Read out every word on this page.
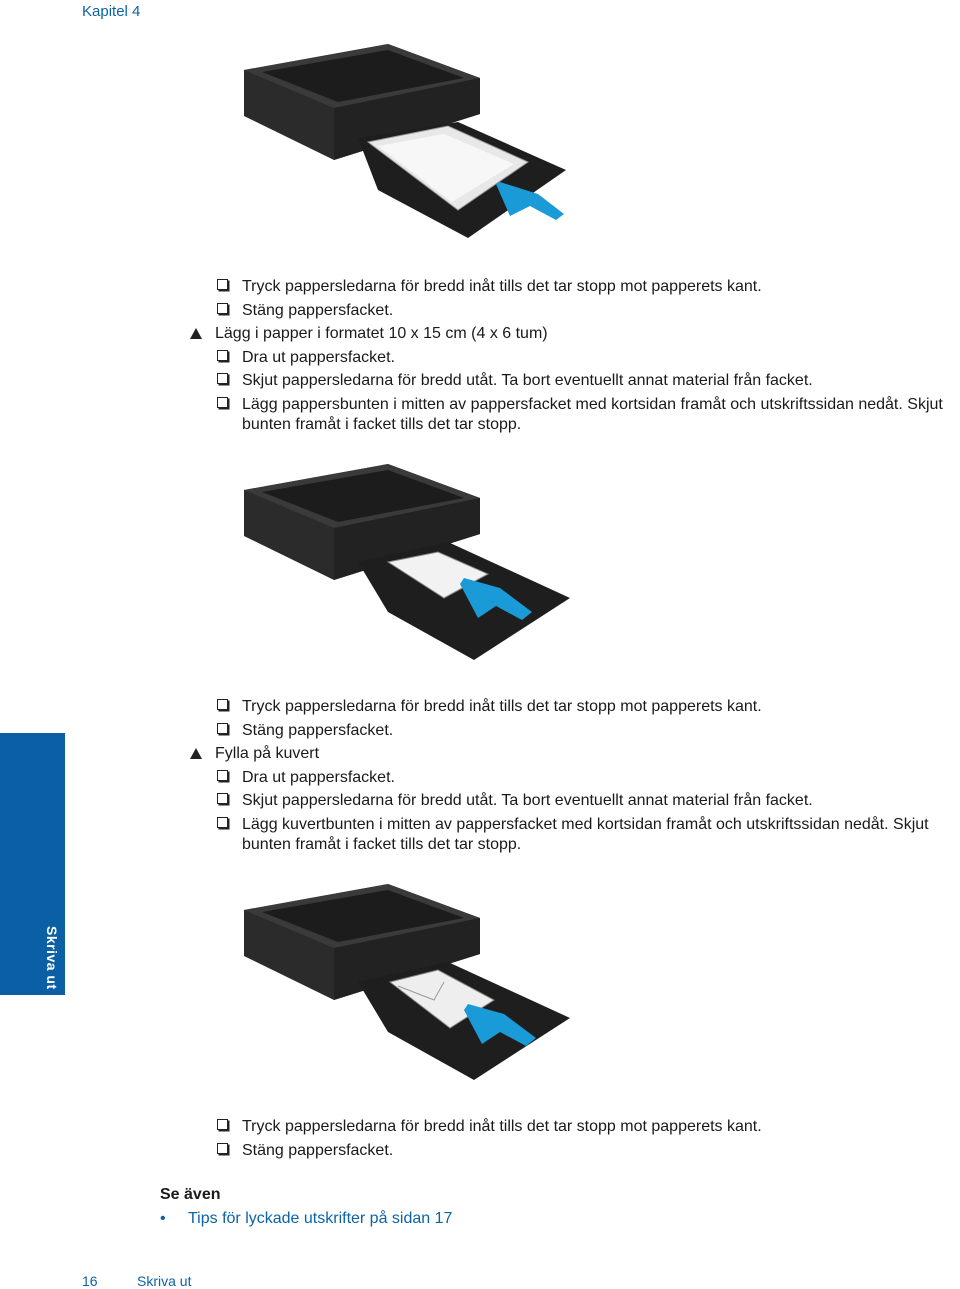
Kapitel 4
Skriva ut
Tryck pappersledarna för bredd inåt tills det tar stopp mot papperets kant.
Stäng pappersfacket.
Lägg i papper i formatet 10 x 15 cm (4 x 6 tum)
Dra ut pappersfacket.
Skjut pappersledarna för bredd utåt. Ta bort eventuellt annat material från facket.
Lägg pappersbunten i mitten av pappersfacket med kortsidan framåt och utskriftssidan nedåt. Skjut bunten framåt i facket tills det tar stopp.
Tryck pappersledarna för bredd inåt tills det tar stopp mot papperets kant.
Stäng pappersfacket.
Fylla på kuvert
Dra ut pappersfacket.
Skjut pappersledarna för bredd utåt. Ta bort eventuellt annat material från facket.
Lägg kuvertbunten i mitten av pappersfacket med kortsidan framåt och utskriftssidan nedåt. Skjut bunten framåt i facket tills det tar stopp.
Tryck pappersledarna för bredd inåt tills det tar stopp mot papperets kant.
Stäng pappersfacket.
Se även
• Tips för lyckade utskrifter på sidan 17
16	Skriva ut
